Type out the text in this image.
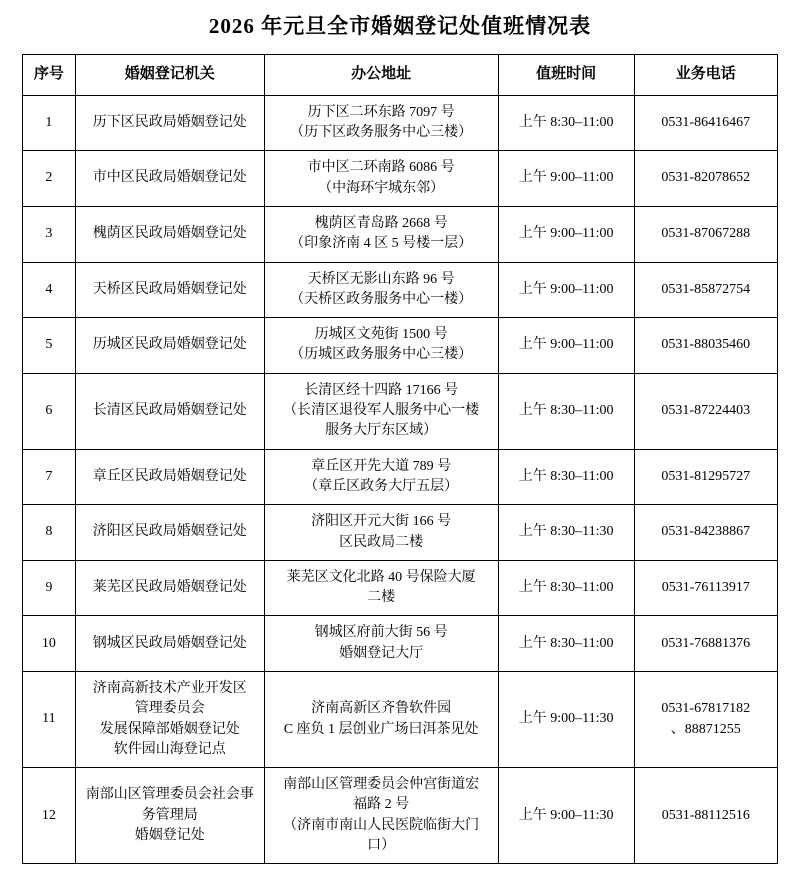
2026 年元旦全市婚姻登记处值班情况表
序号	婚姻登记机关	办公地址	值班时间	业务电话
1	历下区民政局婚姻登记处	历下区二环东路 7097 号
（历下区政务服务中心三楼）	上午 8:30–11:00	0531-86416467

2	市中区民政局婚姻登记处	市中区二环南路 6086 号
（中海环宇城东邻）	上午 9:00–11:00	0531-82078652

3	槐荫区民政局婚姻登记处	槐荫区青岛路 2668 号
（印象济南 4 区 5 号楼一层）	上午 9:00–11:00	0531-87067288

4	天桥区民政局婚姻登记处	天桥区无影山东路 96 号
（天桥区政务服务中心一楼）	上午 9:00–11:00	0531-85872754

5	历城区民政局婚姻登记处	历城区文苑街 1500 号
（历城区政务服务中心三楼）	上午 9:00–11:00	0531-88035460

6	长清区民政局婚姻登记处	长清区经十四路 17166 号
（长清区退役军人服务中心一楼
服务大厅东区域）	上午 8:30–11:00	0531-87224403

7	章丘区民政局婚姻登记处	章丘区开先大道 789 号
（章丘区政务大厅五层）	上午 8:30–11:00	0531-81295727

8	济阳区民政局婚姻登记处	济阳区开元大街 166 号
区民政局二楼	上午 8:30–11:30	0531-84238867

9	莱芜区民政局婚姻登记处	莱芜区文化北路 40 号保险大厦
二楼	上午 8:30–11:00	0531-76113917

10	钢城区民政局婚姻登记处	钢城区府前大街 56 号
婚姻登记大厅	上午 8:30–11:00	0531-76881376

11	济南高新技术产业开发区
管理委员会
发展保障部婚姻登记处
软件园山海登记点	济南高新区齐鲁软件园
C 座负 1 层创业广场曰洱茶见处	上午 9:00–11:30	0531-67817182
、88871255

12	南部山区管理委员会社会事
务管理局
婚姻登记处	南部山区管理委员会仲宫街道宏
福路 2 号
（济南市南山人民医院临街大门
口）	上午 9:00–11:30	0531-88112516
